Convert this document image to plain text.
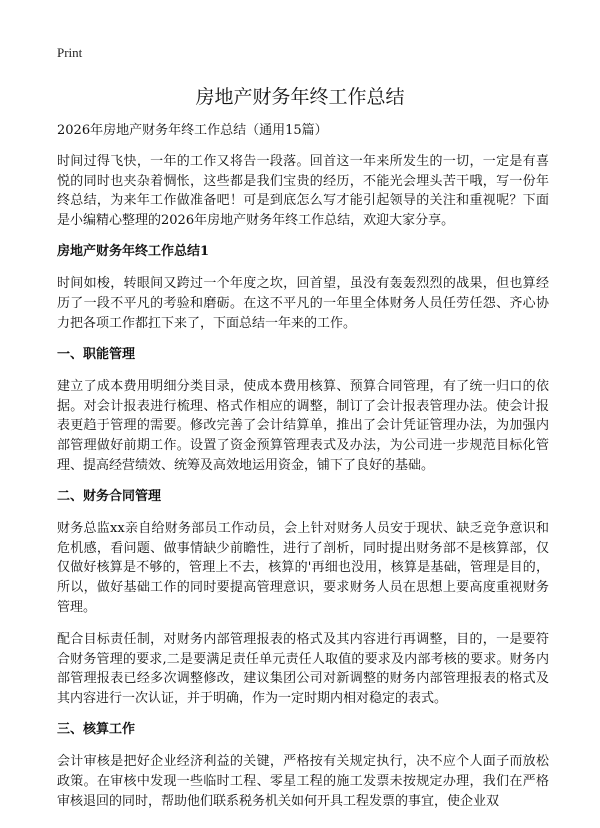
Print
房地产财务年终工作总结
2026年房地产财务年终工作总结（通用15篇）

时间过得飞快，一年的工作又将告一段落。回首这一年来所发生的一切，一定是有喜悦的同时也夹杂着惆怅，这些都是我们宝贵的经历，不能光会埋头苦干哦，写一份年终总结，为来年工作做准备吧！可是到底怎么写才能引起领导的关注和重视呢？下面是小编精心整理的2026年房地产财务年终工作总结，欢迎大家分享。

房地产财务年终工作总结1

时间如梭，转眼间又跨过一个年度之坎，回首望，虽没有轰轰烈烈的战果，但也算经历了一段不平凡的考验和磨砺。在这不平凡的一年里全体财务人员任劳任怨、齐心协力把各项工作都扛下来了，下面总结一年来的工作。

一、职能管理

建立了成本费用明细分类目录，使成本费用核算、预算合同管理，有了统一归口的依据。对会计报表进行梳理、格式作相应的调整，制订了会计报表管理办法。使会计报表更趋于管理的需要。修改完善了会计结算单，推出了会计凭证管理办法，为加强内部管理做好前期工作。设置了资金预算管理表式及办法，为公司进一步规范目标化管理、提高经营绩效、统筹及高效地运用资金，铺下了良好的基础。

二、财务合同管理

财务总监xx亲自给财务部员工作动员，会上针对财务人员安于现状、缺乏竞争意识和危机感，看问题、做事情缺少前瞻性，进行了剖析，同时提出财务部不是核算部，仅仅做好核算是不够的，管理上不去，核算的'再细也没用，核算是基础，管理是目的，所以，做好基础工作的同时要提高管理意识，要求财务人员在思想上要高度重视财务管理。

配合目标责任制，对财务内部管理报表的格式及其内容进行再调整，目的，一是要符合财务管理的要求,二是要满足责任单元责任人取值的要求及内部考核的要求。财务内部管理报表已经多次调整修改，建议集团公司对新调整的财务内部管理报表的格式及其内容进行一次认证，并于明确，作为一定时期内相对稳定的表式。

三、核算工作

会计审核是把好企业经济利益的关键，严格按有关规定执行，决不应个人面子而放松政策。在审核中发现一些临时工程、零星工程的施工发票未按规定办理，我们在严格审核退回的同时，帮助他们联系税务机关如何开具工程发票的事宜，使企业双
